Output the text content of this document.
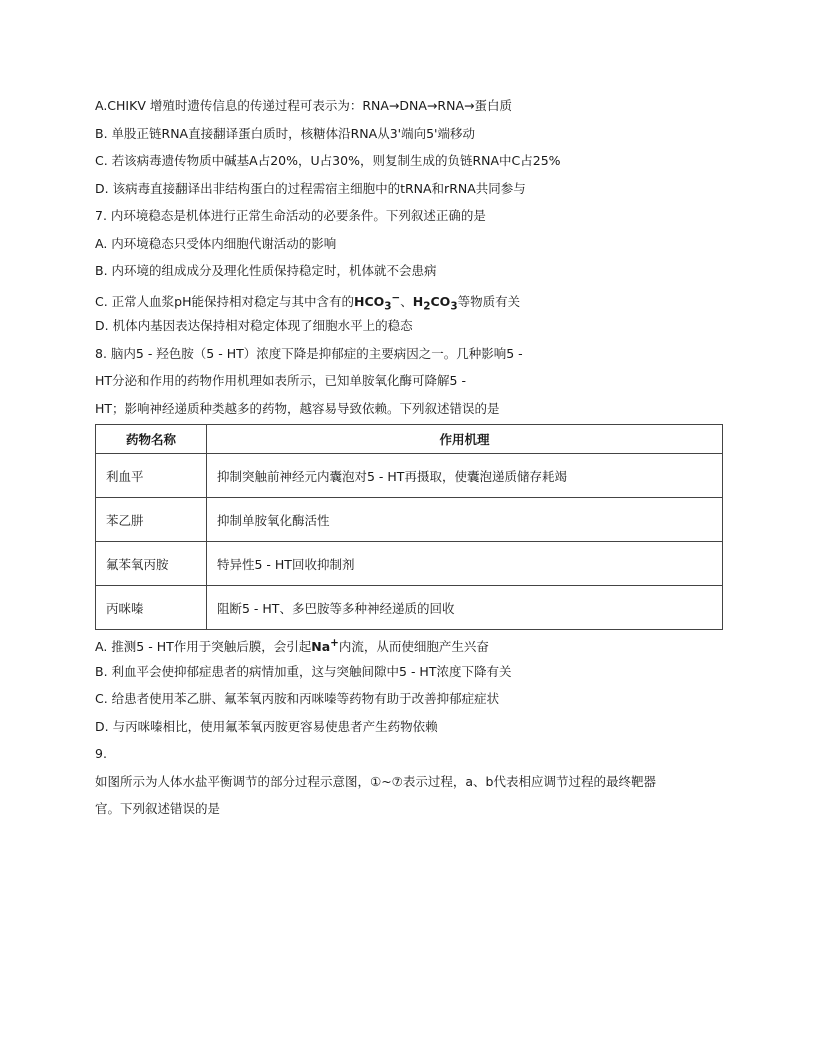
A.CHIKV 增殖时遗传信息的传递过程可表示为：RNA→DNA→RNA→蛋白质
B. 单股正链RNA直接翻译蛋白质时，核糖体沿RNA从3'端向5'端移动
C. 若该病毒遗传物质中碱基A占20%，U占30%，则复制生成的负链RNA中C占25%
D. 该病毒直接翻译出非结构蛋白的过程需宿主细胞中的tRNA和rRNA共同参与
7. 内环境稳态是机体进行正常生命活动的必要条件。下列叙述正确的是
A. 内环境稳态只受体内细胞代谢活动的影响
B. 内环境的组成成分及理化性质保持稳定时，机体就不会患病
C. 正常人血浆pH能保持相对稳定与其中含有的$HCO_3^-$、$H_2CO_3$等物质有关
D. 机体内基因表达保持相对稳定体现了细胞水平上的稳态
8. 脑内5 - 羟色胺（5 - HT）浓度下降是抑郁症的主要病因之一。几种影响5 -
HT分泌和作用的药物作用机理如表所示，已知单胺氧化酶可降解5 -
HT；影响神经递质种类越多的药物，越容易导致依赖。下列叙述错误的是
药物名称	作用机理
利血平	抑制突触前神经元内囊泡对5 - HT再摄取，使囊泡递质储存耗竭
苯乙肼	抑制单胺氧化酶活性
氟苯氧丙胺	特异性5 - HT回收抑制剂
丙咪嗪	阻断5 - HT、多巴胺等多种神经递质的回收
A. 推测5 - HT作用于突触后膜，会引起Na+内流，从而使细胞产生兴奋
B. 利血平会使抑郁症患者的病情加重，这与突触间隙中5 - HT浓度下降有关
C. 给患者使用苯乙肼、氟苯氧丙胺和丙咪嗪等药物有助于改善抑郁症症状
D. 与丙咪嗪相比，使用氟苯氧丙胺更容易使患者产生药物依赖
9.
如图所示为人体水盐平衡调节的部分过程示意图，①~⑦表示过程，a、b代表相应调节过程的最终靶器
官。下列叙述错误的是
